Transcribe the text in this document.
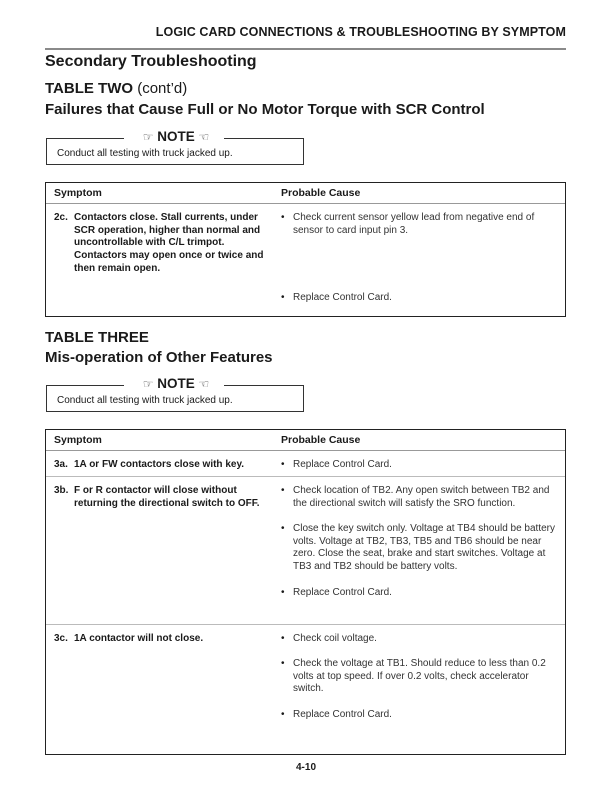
LOGIC CARD CONNECTIONS & TROUBLESHOOTING BY SYMPTOM
Secondary Troubleshooting
TABLE TWO (cont’d)
Failures that Cause Full or No Motor Torque with SCR Control
☞ NOTE ☜
Conduct all testing with truck jacked up.
Symptom	Probable Cause
2c. Contactors close. Stall currents, under SCR operation, higher than normal and uncontrollable with C/L trimpot. Contactors may open once or twice and then remain open.
• Check current sensor yellow lead from negative end of sensor to card input pin 3.
• Replace Control Card.
TABLE THREE
Mis-operation of Other Features
☞ NOTE ☜
Conduct all testing with truck jacked up.
Symptom	Probable Cause
3a. 1A or FW contactors close with key.	• Replace Control Card.
3b. F or R contactor will close without returning the directional switch to OFF.
• Check location of TB2. Any open switch between TB2 and the directional switch will satisfy the SRO function.
• Close the key switch only. Voltage at TB4 should be battery volts. Voltage at TB2, TB3, TB5 and TB6 should be near zero. Close the seat, brake and start switches. Voltage at TB3 and TB2 should be battery volts.
• Replace Control Card.
3c. 1A contactor will not close.	• Check coil voltage.
• Check the voltage at TB1. Should reduce to less than 0.2 volts at top speed. If over 0.2 volts, check accelerator switch.
• Replace Control Card.
4-10
